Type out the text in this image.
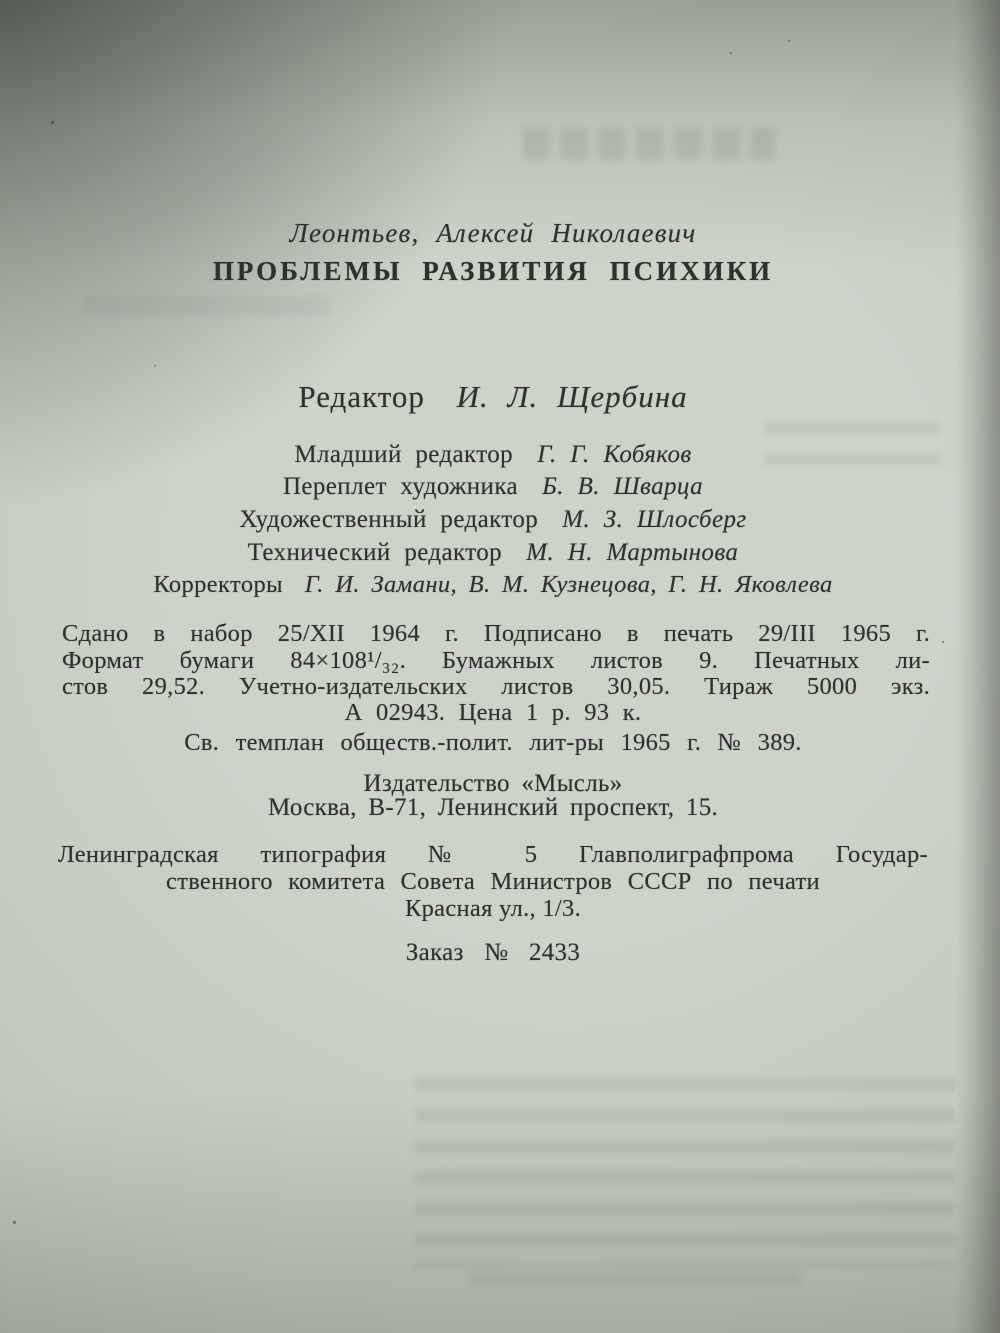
Леонтьев, Алексей Николаевич
ПРОБЛЕМЫ РАЗВИТИЯ ПСИХИКИ
Редактор И. Л. Щербина
Младший редактор Г. Г. Кобяков
Переплет художника Б. В. Шварца
Художественный редактор М. З. Шлосберг
Технический редактор М. Н. Мартынова
Корректоры Г. И. Замани, В. М. Кузнецова, Г. Н. Яковлева
Сдано в набор 25/XII 1964 г. Подписано в печать 29/III 1965 г.
Формат бумаги 84×108¹/₃₂. Бумажных листов 9. Печатных ли-
стов 29,52. Учетно-издательских листов 30,05. Тираж 5000 экз.
А 02943. Цена 1 р. 93 к.
Св. темплан обществ.-полит. лит-ры 1965 г. № 389.
Издательство «Мысль»
Москва, В-71, Ленинский проспект, 15.
Ленинградская типография № 5 Главполиграфпрома Государ-
ственного комитета Совета Министров СССР по печати
Красная ул., 1/3.
Заказ № 2433
